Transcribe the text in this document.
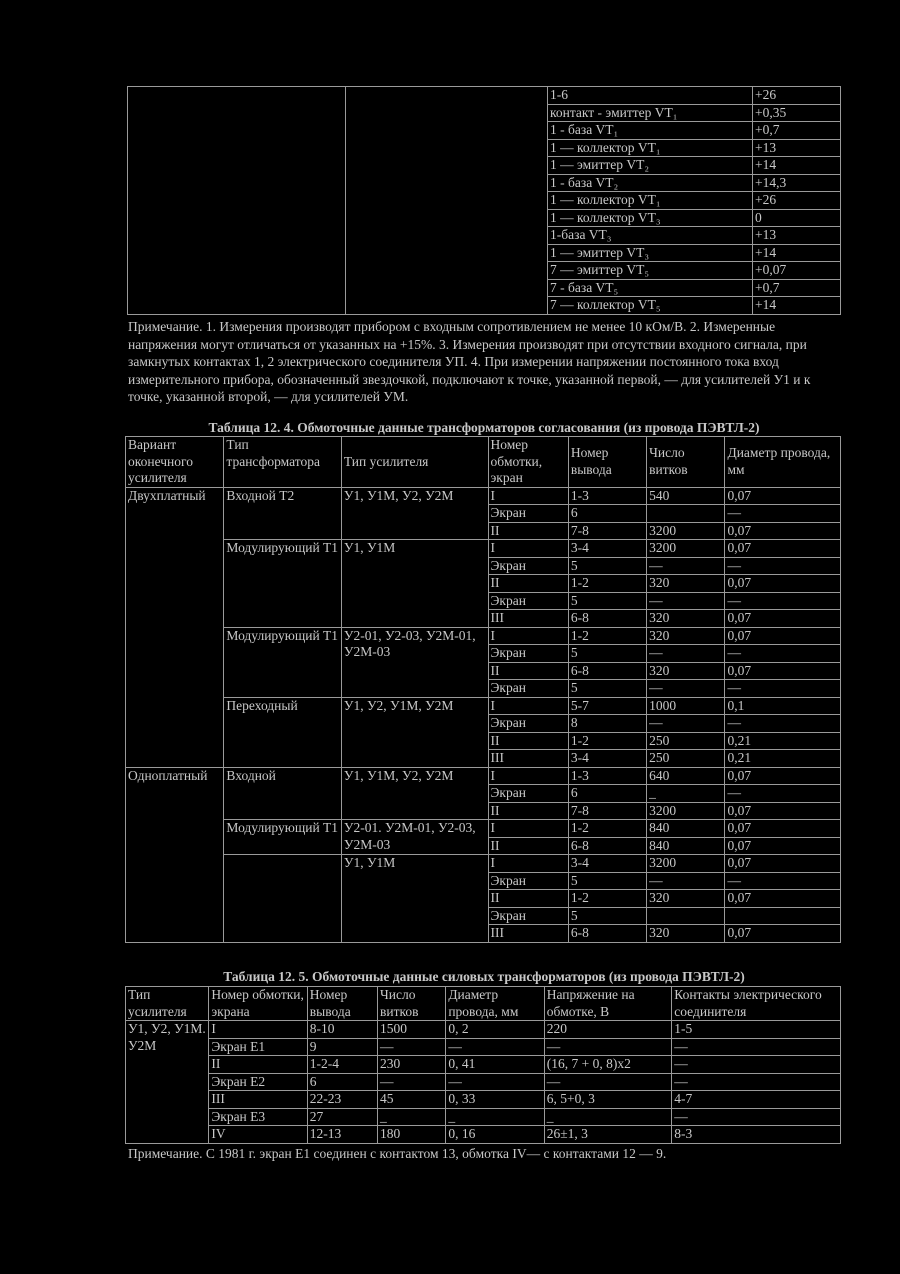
		1-6	+26
		контакт - эмиттер VT₁	+0,35
		1 - база VT₁	+0,7
		1 — коллектор VT₁	+13
		1 — эмиттер VT₂	+14
		1 - база VT₂	+14,3
		1 — коллектор VT₁	+26
		1 — коллектор VT₃	0
		1-база VT₃	+13
		1 — эмиттер VT₃	+14
		7 — эмиттер VT₅	+0,07
		7 - база VT₅	+0,7
		7 — коллектор VT₅	+14
Примечание. 1. Измерения производят прибором с входным сопротивлением не менее 10 кОм/В. 2. Измеренные напряжения могут отличаться от указанных на +15%. 3. Измерения производят при отсутствии входного сигнала, при замкнутых контактах 1, 2 электрического соединителя УП. 4. При измерении напряжении постоянного тока вход измерительного прибора, обозначенный звездочкой, подключают к точке, указанной первой, — для усилителей У1 и к точке, указанной второй, — для усилителей УМ.
Таблица 12. 4. Обмоточные данные трансформаторов согласования (из провода ПЭВТЛ-2)
Вариант оконечного усилителя	Тип трансформатора	Тип усилителя	Номер обмотки, экран	Номер вывода	Число витков	Диаметр провода, мм
Двухплатный	Входной Т2	У1, У1М, У2, У2М	I	1-3	540	0,07
			Экран	6		—
			II	7-8	3200	0,07
	Модулирующий Т1	У1, У1М	I	3-4	3200	0,07
			Экран	5	—	—
			II	1-2	320	0,07
			Экран	5	—	—
			III	6-8	320	0,07
	Модулирующий Т1	У2-01, У2-03, У2М-01, У2М-03	I	1-2	320	0,07
			Экран	5	—	—
			II	6-8	320	0,07
			Экран	5	—	—
	Переходный	У1, У2, У1М, У2М	I	5-7	1000	0,1
			Экран	8	—	—
			II	1-2	250	0,21
			III	3-4	250	0,21
Одноплатный	Входной	У1, У1М, У2, У2М	I	1-3	640	0,07
			Экран	6	_	—
			II	7-8	3200	0,07
	Модулирующий Т1	У2-01. У2М-01, У2-03, У2М-03	I	1-2	840	0,07
			II	6-8	840	0,07
		У1, У1М	I	3-4	3200	0,07
			Экран	5	—	—
			II	1-2	320	0,07
			Экран	5		
			III	6-8	320	0,07
Таблица 12. 5. Обмоточные данные силовых трансформаторов (из провода ПЭВТЛ-2)
Тип усилителя	Номер обмотки, экрана	Номер вывода	Число витков	Диаметр провода, мм	Напряжение на обмотке, В	Контакты электрического соединителя
У1, У2, У1М. У2М	I	8-10	1500	0, 2	220	1-5
	Экран Е1	9	—	—	—	—
	II	1-2-4	230	0, 41	(16, 7 + 0, 8)х2	—
	Экран Е2	6	—	—	—	—
	III	22-23	45	0, 33	6, 5+0, 3	4-7
	Экран Е3	27	_	_	_	—
	IV	12-13	180	0, 16	26±1, 3	8-3
Примечание. С 1981 г. экран Е1 соединен с контактом 13, обмотка IV— с контактами 12 — 9.
